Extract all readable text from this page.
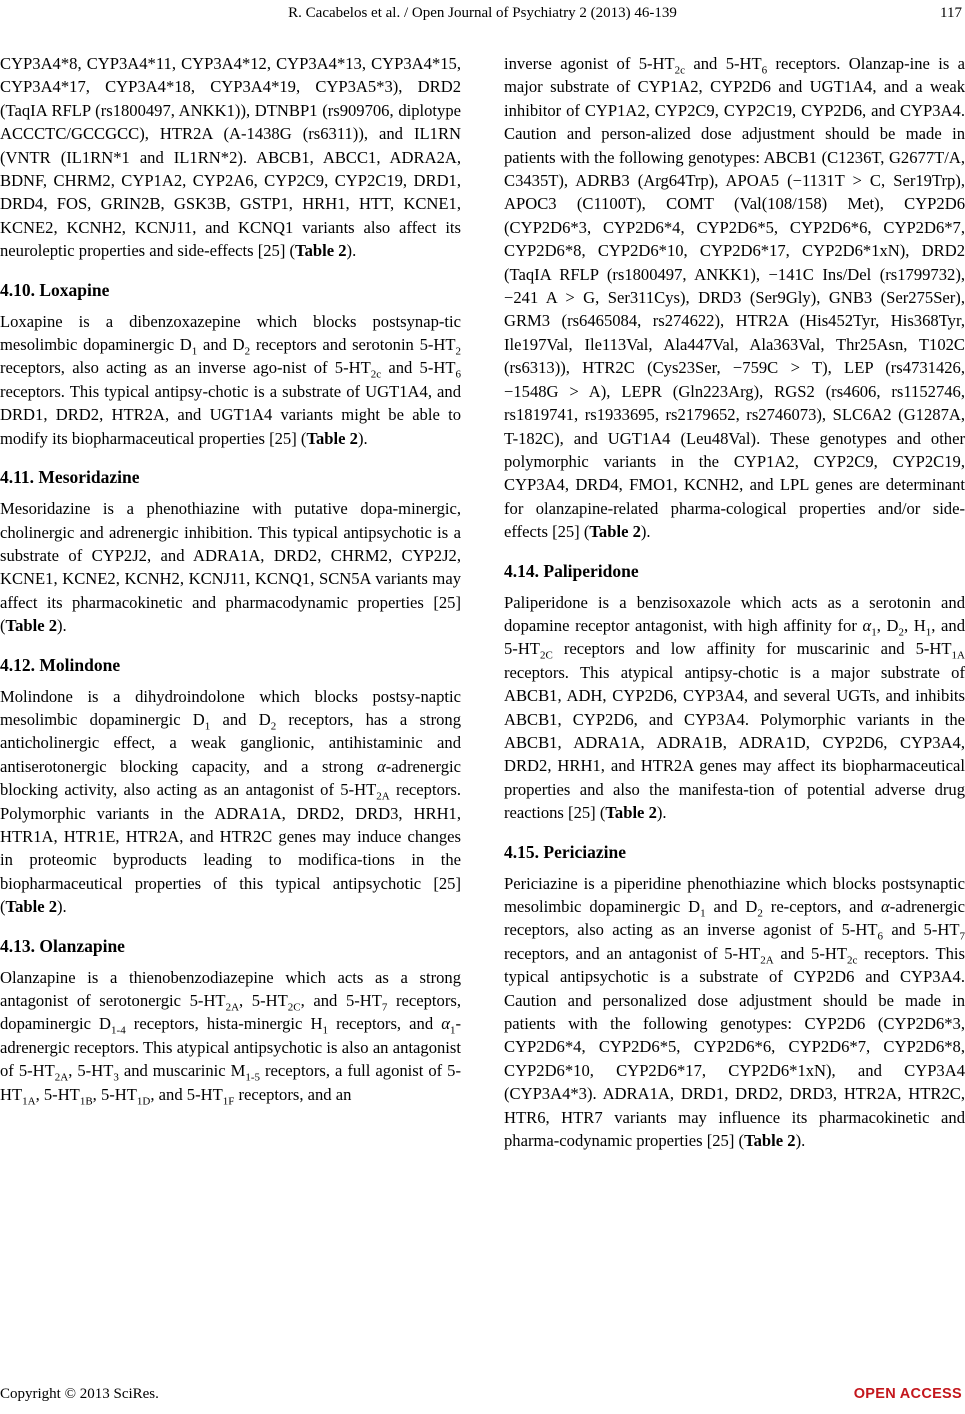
R. Cacabelos et al. / Open Journal of Psychiatry 2 (2013) 46-139	117

CYP3A4*8, CYP3A4*11, CYP3A4*12, CYP3A4*13, CYP3A4*15, CYP3A4*17, CYP3A4*18, CYP3A4*19, CYP3A5*3), DRD2 (TaqIA RFLP (rs1800497, ANKK1)), DTNBP1 (rs909706, diplotype ACCCTC/GCCGCC), HTR2A (A-1438G (rs6311)), and IL1RN (VNTR (IL1RN*1 and IL1RN*2). ABCB1, ABCC1, ADRA2A, BDNF, CHRM2, CYP1A2, CYP2A6, CYP2C9, CYP2C19, DRD1, DRD4, FOS, GRIN2B, GSK3B, GSTP1, HRH1, HTT, KCNE1, KCNE2, KCNH2, KCNJ11, and KCNQ1 variants also affect its neuroleptic properties and side-effects [25] (Table 2).

4.10. Loxapine

Loxapine is a dibenzoxazepine which blocks postsynap-tic mesolimbic dopaminergic $D_1$ and $D_2$ receptors and serotonin $5-HT_2$ receptors, also acting as an inverse ago-nist of $5-HT_{2c}$ and $5-HT_6$ receptors. This typical antipsy-chotic is a substrate of UGT1A4, and DRD1, DRD2, HTR2A, and UGT1A4 variants might be able to modify its biopharmaceutical properties [25] (Table 2).

4.11. Mesoridazine

Mesoridazine is a phenothiazine with putative dopa-minergic, cholinergic and adrenergic inhibition. This typical antipsychotic is a substrate of CYP2J2, and ADRA1A, DRD2, CHRM2, CYP2J2, KCNE1, KCNE2, KCNH2, KCNJ11, KCNQ1, SCN5A variants may affect its pharmacokinetic and pharmacodynamic properties [25] (Table 2).

4.12. Molindone

Molindone is a dihydroindolone which blocks postsy-naptic mesolimbic dopaminergic $D_1$ and $D_2$ receptors, has a strong anticholinergic effect, a weak ganglionic, antihistaminic and antiserotonergic blocking capacity, and a strong α-adrenergic blocking activity, also acting as an antagonist of $5-HT_{2A}$ receptors. Polymorphic variants in the ADRA1A, DRD2, DRD3, HRH1, HTR1A, HTR1E, HTR2A, and HTR2C genes may induce changes in proteomic byproducts leading to modifica-tions in the biopharmaceutical properties of this typical antipsychotic [25] (Table 2).

4.13. Olanzapine

Olanzapine is a thienobenzodiazepine which acts as a strong antagonist of serotonergic $5-HT_{2A}$, $5-HT_{2C}$, and $5-HT_7$ receptors, dopaminergic $D_{1-4}$ receptors, hista-minergic $H_1$ receptors, and $\alpha_1$-adrenergic receptors. This atypical antipsychotic is also an antagonist of $5-HT_{2A}$, $5-HT_3$ and muscarinic $M_{1-5}$ receptors, a full agonist of $5-HT_{1A}$, $5-HT_{1B}$, $5-HT_{1D}$, and $5-HT_{1F}$ receptors, and an

inverse agonist of $5-HT_{2c}$ and $5-HT_6$ receptors. Olanzap-ine is a major substrate of CYP1A2, CYP2D6 and UGT1A4, and a weak inhibitor of CYP1A2, CYP2C9, CYP2C19, CYP2D6, and CYP3A4. Caution and person-alized dose adjustment should be made in patients with the following genotypes: ABCB1 (C1236T, G2677T/A, C3435T), ADRB3 (Arg64Trp), APOA5 (−1131T > C, Ser19Trp), APOC3 (C1100T), COMT (Val(108/158) Met), CYP2D6 (CYP2D6*3, CYP2D6*4, CYP2D6*5, CYP2D6*6, CYP2D6*7, CYP2D6*8, CYP2D6*10, CYP2D6*17, CYP2D6*1xN), DRD2 (TaqIA RFLP (rs1800497, ANKK1), −141C Ins/Del (rs1799732), −241 A > G, Ser311Cys), DRD3 (Ser9Gly), GNB3 (Ser275Ser), GRM3 (rs6465084, rs274622), HTR2A (His452Tyr, His368Tyr, Ile197Val, Ile113Val, Ala447Val, Ala363Val, Thr25Asn, T102C (rs6313)), HTR2C (Cys23Ser, −759C > T), LEP (rs4731426, −1548G > A), LEPR (Gln223Arg), RGS2 (rs4606, rs1152746, rs1819741, rs1933695, rs2179652, rs2746073), SLC6A2 (G1287A, T-182C), and UGT1A4 (Leu48Val). These genotypes and other polymorphic variants in the CYP1A2, CYP2C9, CYP2C19, CYP3A4, DRD4, FMO1, KCNH2, and LPL genes are determinant for olanzapine-related pharma-cological properties and/or side-effects [25] (Table 2).

4.14. Paliperidone

Paliperidone is a benzisoxazole which acts as a serotonin and dopamine receptor antagonist, with high affinity for $\alpha_1$, $D_2$, $H_1$, and $5-HT_{2C}$ receptors and low affinity for muscarinic and $5-HT_{1A}$ receptors. This atypical antipsy-chotic is a major substrate of ABCB1, ADH, CYP2D6, CYP3A4, and several UGTs, and inhibits ABCB1, CYP2D6, and CYP3A4. Polymorphic variants in the ABCB1, ADRA1A, ADRA1B, ADRA1D, CYP2D6, CYP3A4, DRD2, HRH1, and HTR2A genes may affect its biopharmaceutical properties and also the manifesta-tion of potential adverse drug reactions [25] (Table 2).

4.15. Periciazine

Periciazine is a piperidine phenothiazine which blocks postsynaptic mesolimbic dopaminergic $D_1$ and $D_2$ re-ceptors, and α-adrenergic receptors, also acting as an inverse agonist of $5-HT_6$ and $5-HT_7$ receptors, and an antagonist of $5-HT_{2A}$ and $5-HT_{2c}$ receptors. This typical antipsychotic is a substrate of CYP2D6 and CYP3A4. Caution and personalized dose adjustment should be made in patients with the following genotypes: CYP2D6 (CYP2D6*3, CYP2D6*4, CYP2D6*5, CYP2D6*6, CYP2D6*7, CYP2D6*8, CYP2D6*10, CYP2D6*17, CYP2D6*1xN), and CYP3A4 (CYP3A4*3). ADRA1A, DRD1, DRD2, DRD3, HTR2A, HTR2C, HTR6, HTR7 variants may influence its pharmacokinetic and pharma-codynamic properties [25] (Table 2).

Copyright © 2013 SciRes.	OPEN ACCESS
